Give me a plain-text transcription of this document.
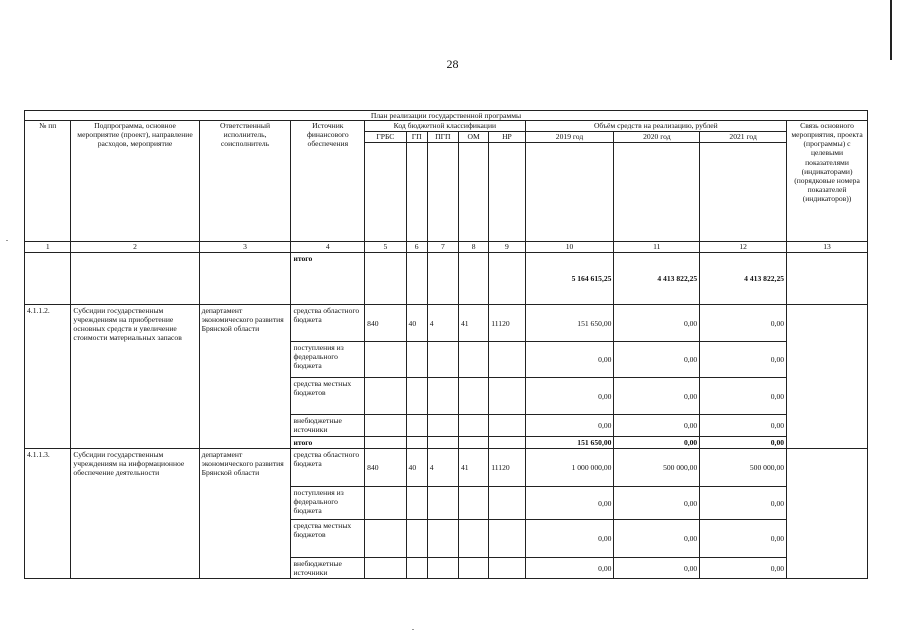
28
План реализации государственной программы												
№ пп	Подпрограмма, основное мероприятие (проект), направление расходов, мероприятие	Ответственный исполнитель, соисполнитель	Источник финансового обеспечения	Код бюджетной классификации					Объём средств на реализацию, рублей			Связь основного мероприятия, проекта (программы) с целевыми показателями (индикаторами) (порядковые номера показателей (индикаторов))
				ГРБС	ГП	ПГП	ОМ	НР	2019 год	2020 год	2021 год	

1	2	3	4	5	6	7	8	9	10	11	12	13
			итого						5 164 615,25	4 413 822,25	4 413 822,25	
4.1.1.2.	Субсидии государственным учреждениям на приобретение основных средств и увеличение стоимости материальных запасов	департамент экономического развития Брянской области	средства областного бюджета	840	40	4	41	11120	151 650,00	0,00	0,00	
			поступления из федерального бюджета						0,00	0,00	0,00	
			средства местных бюджетов						0,00	0,00	0,00	
			внебюджетные источники						0,00	0,00	0,00	
			итого						151 650,00	0,00	0,00	
4.1.1.3.	Субсидии государственным учреждениям на информационное обеспечение деятельности	департамент экономического развития Брянской области	средства областного бюджета	840	40	4	41	11120	1 000 000,00	500 000,00	500 000,00	
			поступления из федерального бюджета						0,00	0,00	0,00	
			средства местных бюджетов						0,00	0,00	0,00	
			внебюджетные источники						0,00	0,00	0,00	
